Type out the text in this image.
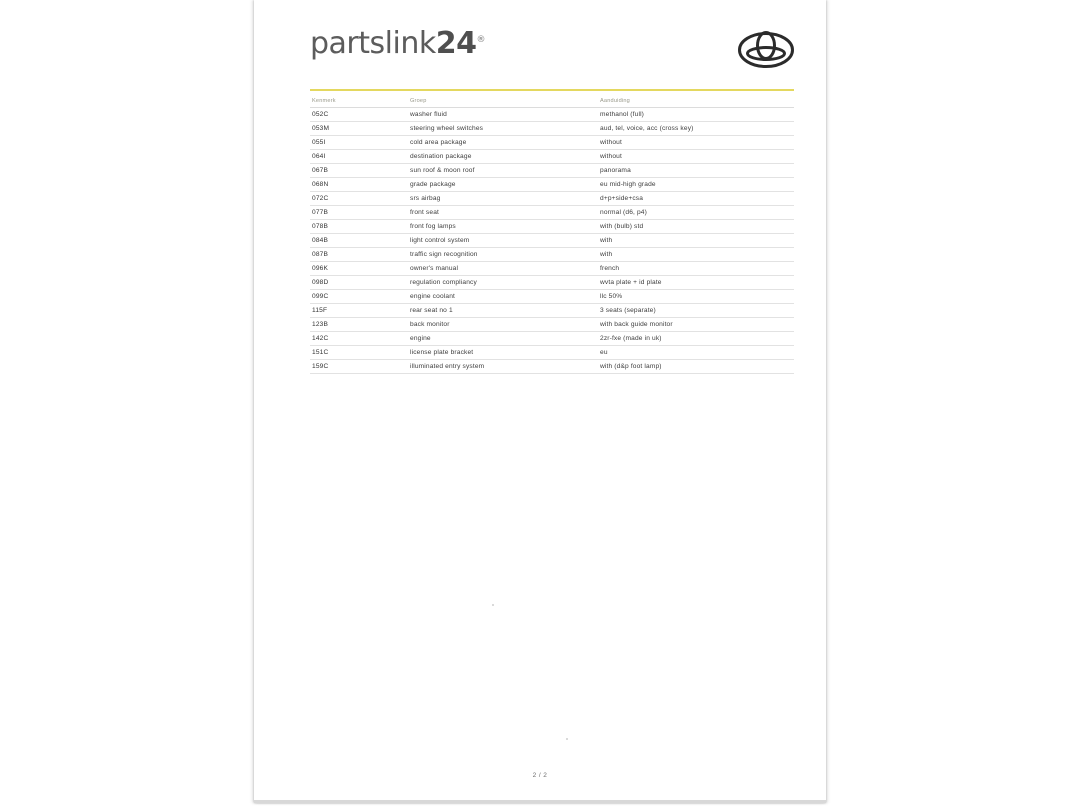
partslink24®
Kenmerk	Groep	Aanduiding
052C	washer fluid	methanol (full)
053M	steering wheel switches	aud, tel, voice, acc (cross key)
055I	cold area package	without
064I	destination package	without
067B	sun roof & moon roof	panorama
068N	grade package	eu mid-high grade
072C	srs airbag	d+p+side+csa
077B	front seat	normal (d6, p4)
078B	front fog lamps	with (bulb) std
084B	light control system	with
087B	traffic sign recognition	with
096K	owner's manual	french
098D	regulation compliancy	wvta plate + id plate
099C	engine coolant	llc 50%
115F	rear seat no 1	3 seats (separate)
123B	back monitor	with back guide monitor
142C	engine	2zr-fxe (made in uk)
151C	license plate bracket	eu
159C	illuminated entry system	with (d&p foot lamp)
2 / 2
